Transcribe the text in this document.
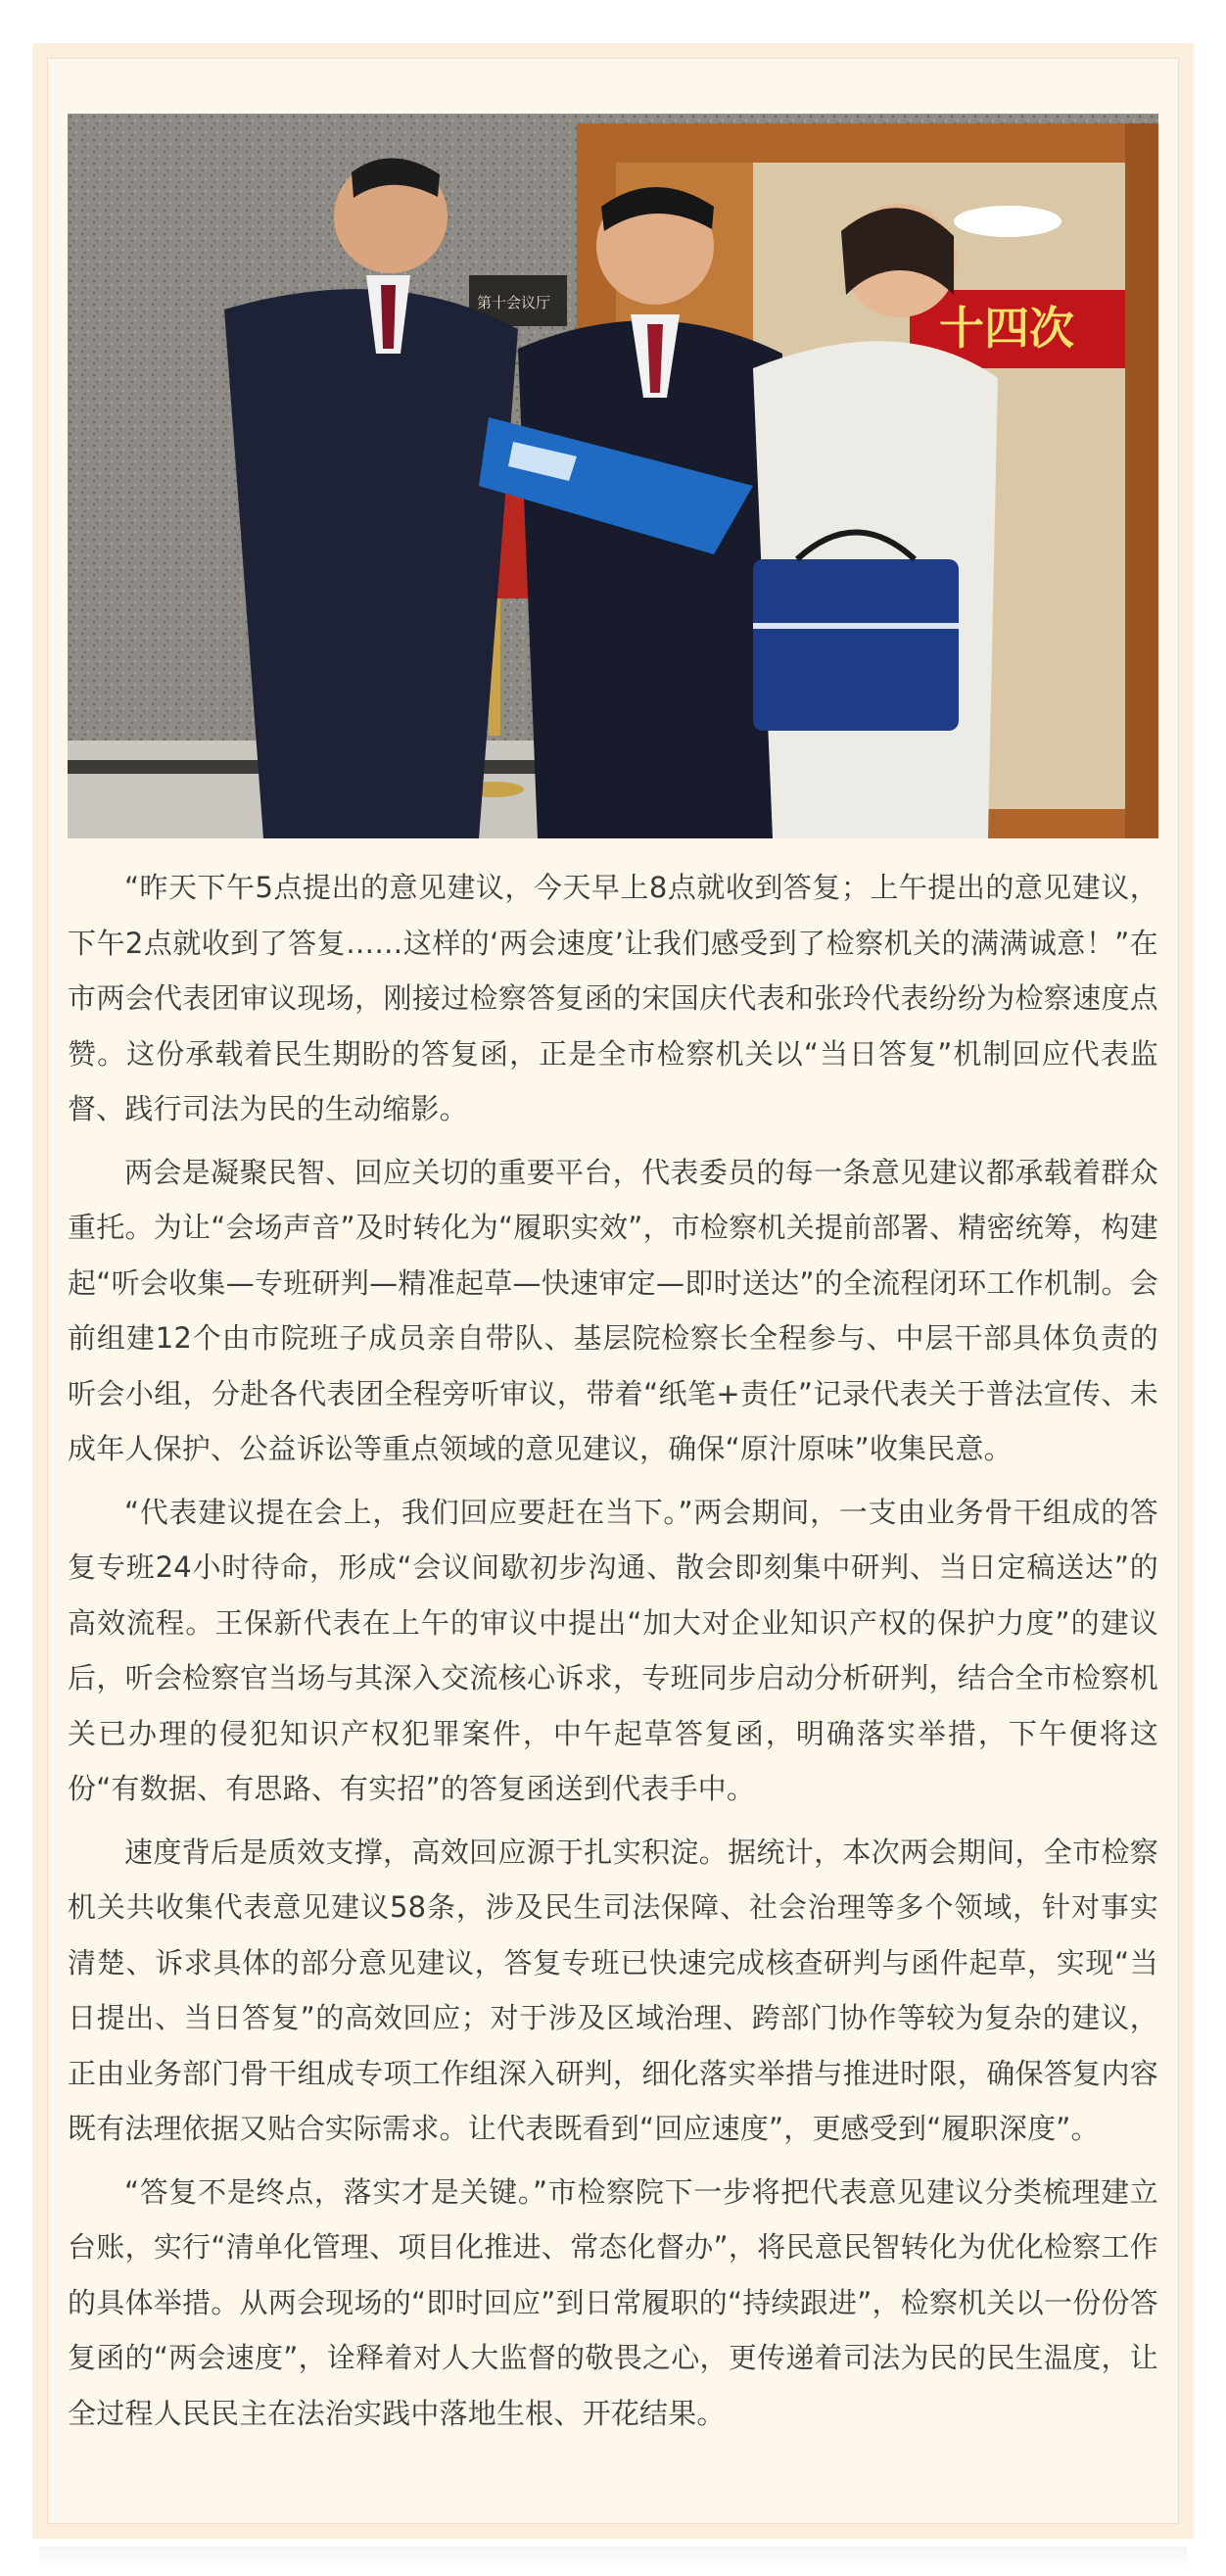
十四次
第十会议厅

“昨天下午5点提出的意见建议，今天早上8点就收到答复；上午提出的意见建议，下午2点就收到了答复……这样的‘两会速度’让我们感受到了检察机关的满满诚意！”在市两会代表团审议现场，刚接过检察答复函的宋国庆代表和张玲代表纷纷为检察速度点赞。这份承载着民生期盼的答复函，正是全市检察机关以“当日答复”机制回应代表监督、践行司法为民的生动缩影。

两会是凝聚民智、回应关切的重要平台，代表委员的每一条意见建议都承载着群众重托。为让“会场声音”及时转化为“履职实效”，市检察机关提前部署、精密统筹，构建起“听会收集—专班研判—精准起草—快速审定—即时送达”的全流程闭环工作机制。会前组建12个由市院班子成员亲自带队、基层院检察长全程参与、中层干部具体负责的听会小组，分赴各代表团全程旁听审议，带着“纸笔+责任”记录代表关于普法宣传、未成年人保护、公益诉讼等重点领域的意见建议，确保“原汁原味”收集民意。

“代表建议提在会上，我们回应要赶在当下。”两会期间，一支由业务骨干组成的答复专班24小时待命，形成“会议间歇初步沟通、散会即刻集中研判、当日定稿送达”的高效流程。王保新代表在上午的审议中提出“加大对企业知识产权的保护力度”的建议后，听会检察官当场与其深入交流核心诉求，专班同步启动分析研判，结合全市检察机关已办理的侵犯知识产权犯罪案件，中午起草答复函，明确落实举措，下午便将这份“有数据、有思路、有实招”的答复函送到代表手中。

速度背后是质效支撑，高效回应源于扎实积淀。据统计，本次两会期间，全市检察机关共收集代表意见建议58条，涉及民生司法保障、社会治理等多个领域，针对事实清楚、诉求具体的部分意见建议，答复专班已快速完成核查研判与函件起草，实现“当日提出、当日答复”的高效回应；对于涉及区域治理、跨部门协作等较为复杂的建议，正由业务部门骨干组成专项工作组深入研判，细化落实举措与推进时限，确保答复内容既有法理依据又贴合实际需求。让代表既看到“回应速度”，更感受到“履职深度”。

“答复不是终点，落实才是关键。”市检察院下一步将把代表意见建议分类梳理建立台账，实行“清单化管理、项目化推进、常态化督办”，将民意民智转化为优化检察工作的具体举措。从两会现场的“即时回应”到日常履职的“持续跟进”，检察机关以一份份答复函的“两会速度”，诠释着对人大监督的敬畏之心，更传递着司法为民的民生温度，让全过程人民民主在法治实践中落地生根、开花结果。
